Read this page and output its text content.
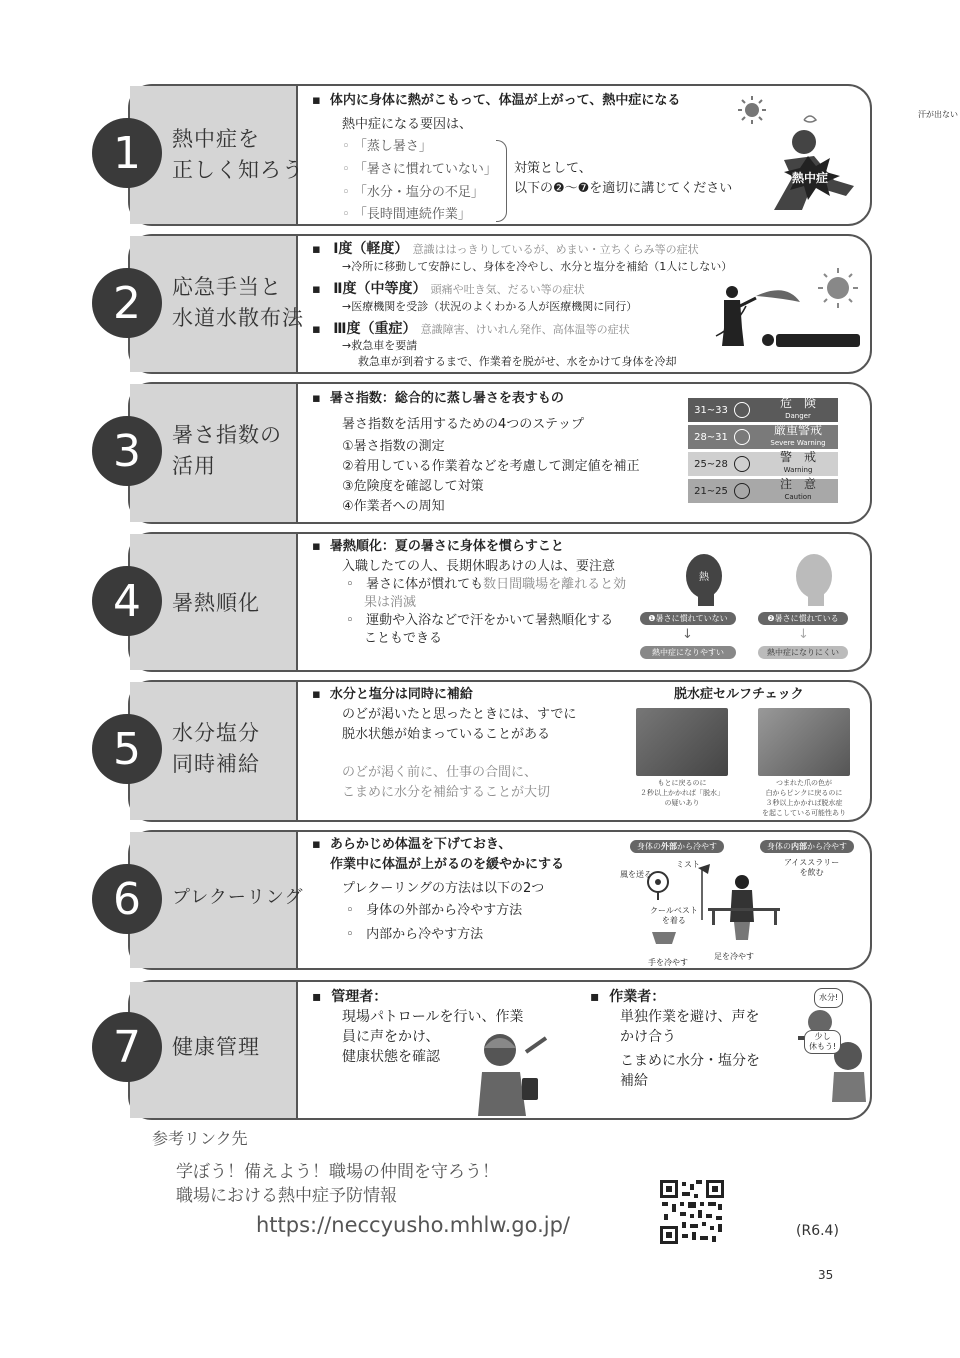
熱中症を
正しく知ろう
▪  体内に身体に熱がこもって、体温が上がって、熱中症になる
熱中症になる要因は、
◦ 「蒸し暑さ」
◦ 「暑さに慣れていない」
◦ 「水分・塩分の不足」
◦ 「長時間連続作業」
対策として、
以下の❷〜❼を適切に講じてください
熱中症
汗が出ない
1
応急手当と
水道水散布法
▪   Ⅰ度（軽度） 意識ははっきりしているが、めまい・立ちくらみ等の症状
→冷所に移動して安静にし、身体を冷やし、水分と塩分を補給（1人にしない）
▪   Ⅱ度（中等度） 頭痛や吐き気、だるい等の症状
→医療機関を受診（状況のよくわかる人が医療機関に同行）
▪   Ⅲ度（重症） 意識障害、けいれん発作、高体温等の症状
→救急車を要請
救急車が到着するまで、作業着を脱がせ、水をかけて身体を冷却
2
暑さ指数の
活用
▪  暑さ指数：総合的に蒸し暑さを表すもの
暑さ指数を活用するための4つのステップ
①暑さ指数の測定
②着用している作業着などを考慮して測定値を補正
③危険度を確認して対策
④作業者への周知
31~33	危　険
Danger
28~31	厳重警戒
Severe Warning
25~28	警　戒
Warning
21~25	注　意
Caution
3
暑熱順化
▪  暑熱順化：夏の暑さに身体を慣らすこと
入職したての人、長期休暇あけの人は、要注意
◦   暑さに体が慣れても数日間職場を離れると効
果は消滅
◦   運動や入浴などで汗をかいて暑熱順化する
こともできる
熱
❶暑さに慣れていない	❷暑さに慣れている
↓	↓
熱中症になりやすい	熱中症になりにくい
4
水分塩分
同時補給
▪  水分と塩分は同時に補給
のどが渇いたと思ったときには、すでに
脱水状態が始まっていることがある
のどが渇く前に、仕事の合間に、
こまめに水分を補給することが大切
脱水症セルフチェック
もとに戻るのに
２秒以上かかれば「脱水」
の疑いあり
つまれた爪の色が
白からピンクに戻るのに
３秒以上かかれば脱水症
を起こしている可能性あり
5
プレクーリング
▪  あらかじめ体温を下げておき、
作業中に体温が上がるのを緩やかにする
プレクーリングの方法は以下の2つ
◦   身体の外部から冷やす方法
◦   内部から冷やす方法
身体の外部から冷やす	身体の内部から冷やす
風を送る
ミスト	アイススラリー
を飲む
クールベスト
を着る
手を冷やす
足を冷やす
6
健康管理
▪  管理者：
現場パトロールを行い、作業
員に声をかけ、
健康状態を確認
▪  作業者：
単独作業を避け、声を
かけ合う
こまめに水分・塩分を
補給
水分!
少し
休もう!
7
参考リンク先
学ぼう！備えよう！職場の仲間を守ろう！
職場における熱中症予防情報
https://neccyusho.mhlw.go.jp/	(R6.4)
35
